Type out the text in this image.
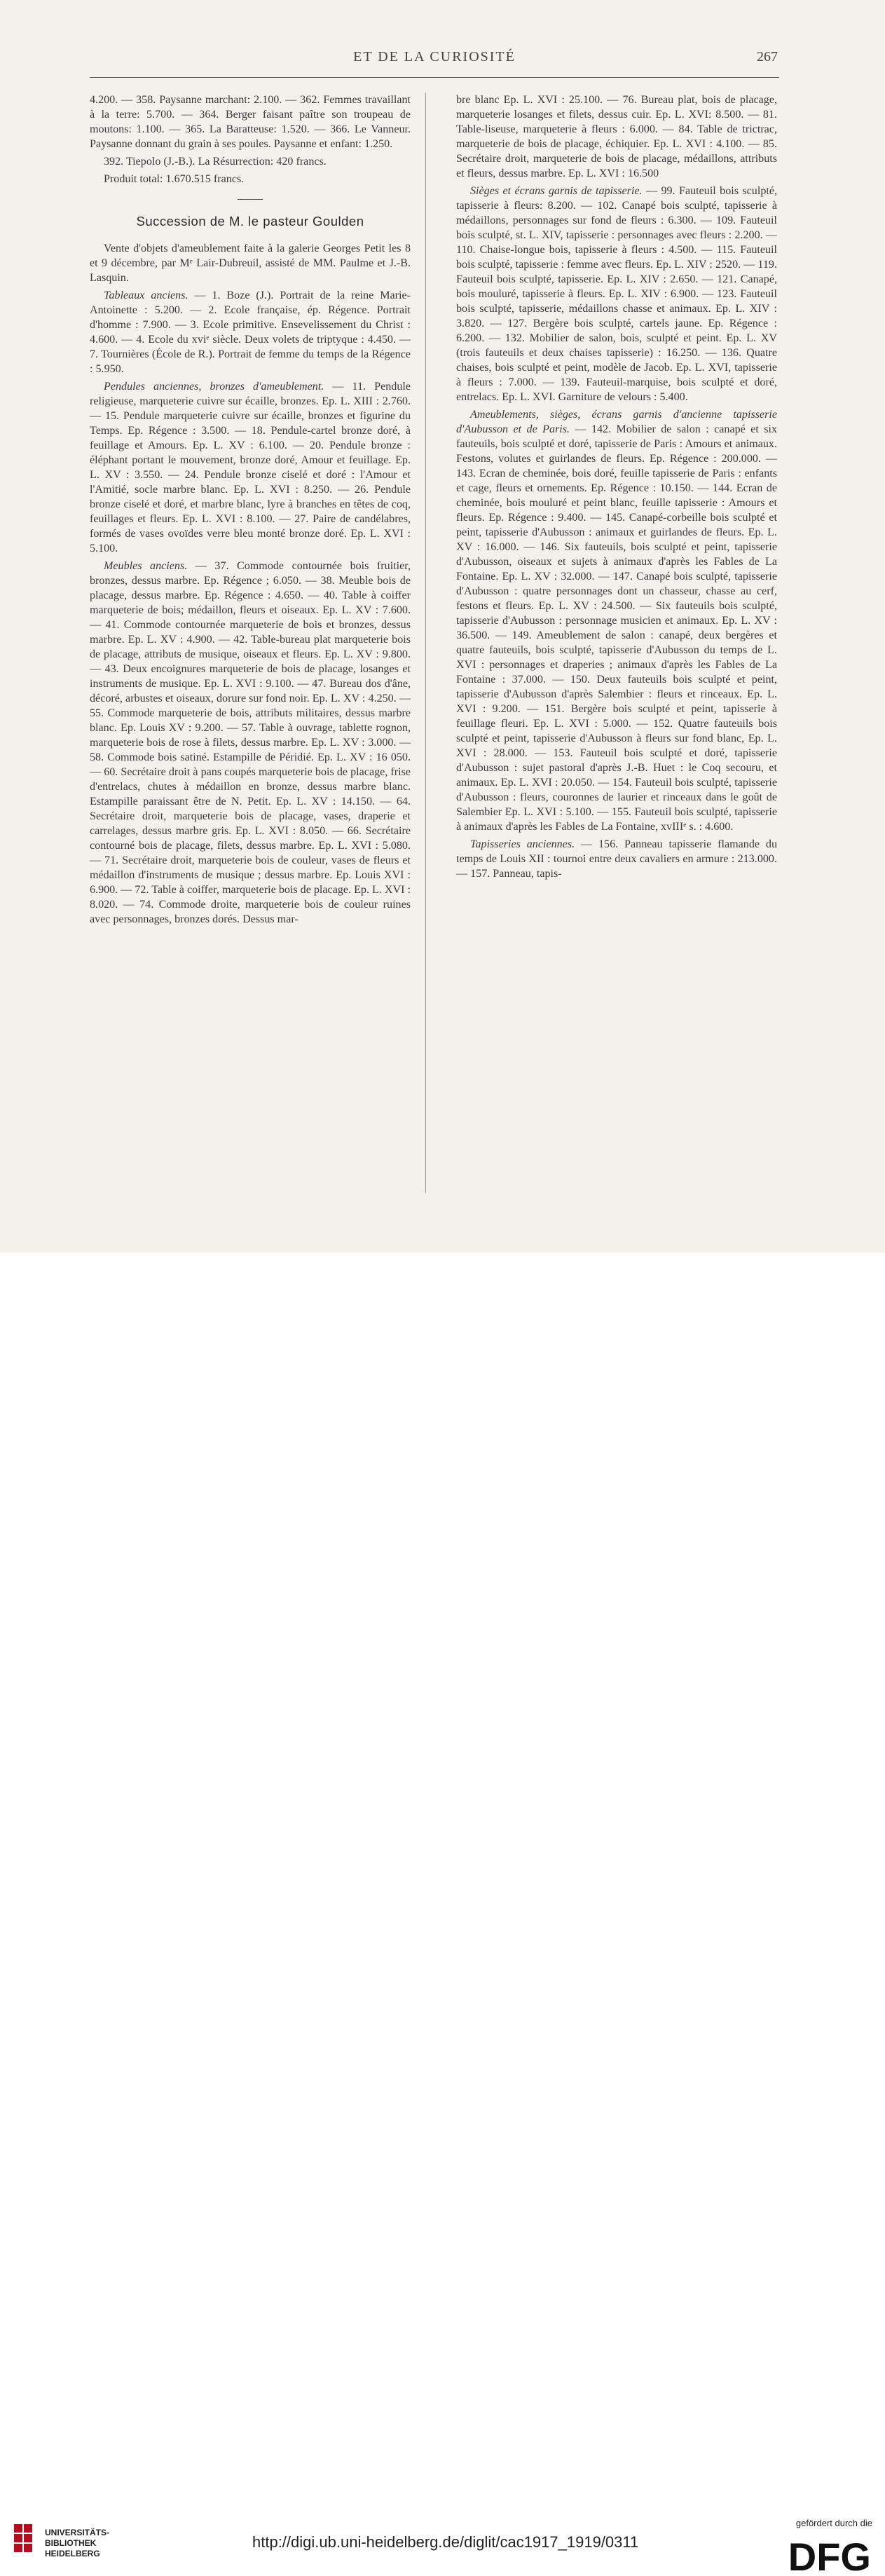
ET DE LA CURIOSITÉ	267

4.200. — 358. Paysanne marchant: 2.100. — 362. Femmes travaillant à la terre: 5.700. — 364. Berger faisant paître son troupeau de moutons: 1.100. — 365. La Baratteuse: 1.520. — 366. Le Vanneur. Paysanne donnant du grain à ses poules. Paysanne et enfant: 1.250.

392. Tiepolo (J.-B.). La Résurrection: 420 francs.

Produit total: 1.670.515 francs.

Succession de M. le pasteur Goulden

Vente d'objets d'ameublement faite à la galerie Georges Petit les 8 et 9 décembre, par Mᵉ Lair-Dubreuil, assisté de MM. Paulme et J.-B. Lasquin.

Tableaux anciens. — 1. Boze (J.). Portrait de la reine Marie-Antoinette : 5.200. — 2. Ecole française, ép. Régence. Portrait d'homme : 7.900. — 3. Ecole primitive. Ensevelissement du Christ : 4.600. — 4. Ecole du xviᵉ siècle. Deux volets de triptyque : 4.450. — 7. Tournières (École de R.). Portrait de femme du temps de la Régence : 5.950.

Pendules anciennes, bronzes d'ameublement. — 11. Pendule religieuse, marqueterie cuivre sur écaille, bronzes. Ep. L. XIII : 2.760. — 15. Pendule marqueterie cuivre sur écaille, bronzes et figurine du Temps. Ep. Régence : 3.500. — 18. Pendule-cartel bronze doré, à feuillage et Amours. Ep. L. XV : 6.100. — 20. Pendule bronze : éléphant portant le mouvement, bronze doré, Amour et feuillage. Ep. L. XV : 3.550. — 24. Pendule bronze ciselé et doré : l'Amour et l'Amitié, socle marbre blanc. Ep. L. XVI : 8.250. — 26. Pendule bronze ciselé et doré, et marbre blanc, lyre à branches en têtes de coq, feuillages et fleurs. Ep. L. XVI : 8.100. — 27. Paire de candélabres, formés de vases ovoïdes verre bleu monté bronze doré. Ep. L. XVI : 5.100.

Meubles anciens. — 37. Commode contournée bois fruitier, bronzes, dessus marbre. Ep. Régence ; 6.050. — 38. Meuble bois de placage, dessus marbre. Ep. Régence : 4.650. — 40. Table à coiffer marqueterie de bois; médaillon, fleurs et oiseaux. Ep. L. XV : 7.600. — 41. Commode contournée marqueterie de bois et bronzes, dessus marbre. Ep. L. XV : 4.900. — 42. Table-bureau plat marqueterie bois de placage, attributs de musique, oiseaux et fleurs. Ep. L. XV : 9.800. — 43. Deux encoignures marqueterie de bois de placage, losanges et instruments de musique. Ep. L. XVI : 9.100. — 47. Bureau dos d'âne, décoré, arbustes et oiseaux, dorure sur fond noir. Ep. L. XV : 4.250. — 55. Commode marqueterie de bois, attributs militaires, dessus marbre blanc. Ep. Louis XV : 9.200. — 57. Table à ouvrage, tablette rognon, marqueterie bois de rose à filets, dessus marbre. Ep. L. XV : 3.000. — 58. Commode bois satiné. Estampille de Péridié. Ep. L. XV : 16 050. — 60. Secrétaire droit à pans coupés marqueterie bois de placage, frise d'entrelacs, chutes à médaillon en bronze, dessus marbre blanc. Estampille paraissant être de N. Petit. Ep. L. XV : 14.150. — 64. Secrétaire droit, marqueterie bois de placage, vases, draperie et carrelages, dessus marbre gris. Ep. L. XVI : 8.050. — 66. Secrétaire contourné bois de placage, filets, dessus marbre. Ep. L. XVI : 5.080. — 71. Secrétaire droit, marqueterie bois de couleur, vases de fleurs et médaillon d'instruments de musique ; dessus marbre. Ep. Louis XVI : 6.900. — 72. Table à coiffer, marqueterie bois de placage. Ep. L. XVI : 8.020. — 74. Commode droite, marqueterie bois de couleur ruines avec personnages, bronzes dorés. Dessus mar-

bre blanc Ep. L. XVI : 25.100. — 76. Bureau plat, bois de placage, marqueterie losanges et filets, dessus cuir. Ep. L. XVI: 8.500. — 81. Table-liseuse, marqueterie à fleurs : 6.000. — 84. Table de trictrac, marqueterie de bois de placage, échiquier. Ep. L. XVI : 4.100. — 85. Secrétaire droit, marqueterie de bois de placage, médaillons, attributs et fleurs, dessus marbre. Ep. L. XVI : 16.500

Sièges et écrans garnis de tapisserie. — 99. Fauteuil bois sculpté, tapisserie à fleurs: 8.200. — 102. Canapé bois sculpté, tapisserie à médaillons, personnages sur fond de fleurs : 6.300. — 109. Fauteuil bois sculpté, st. L. XIV, tapisserie : personnages avec fleurs : 2.200. — 110. Chaise-longue bois, tapisserie à fleurs : 4.500. — 115. Fauteuil bois sculpté, tapisserie : femme avec fleurs. Ep. L. XIV : 2520. — 119. Fauteuil bois sculpté, tapisserie. Ep. L. XIV : 2.650. — 121. Canapé, bois mouluré, tapisserie à fleurs. Ep. L. XIV : 6.900. — 123. Fauteuil bois sculpté, tapisserie, médaillons chasse et animaux. Ep. L. XIV : 3.820. — 127. Bergère bois sculpté, cartels jaune. Ep. Régence : 6.200. — 132. Mobilier de salon, bois, sculpté et peint. Ep. L. XV (trois fauteuils et deux chaises tapisserie) : 16.250. — 136. Quatre chaises, bois sculpté et peint, modèle de Jacob. Ep. L. XVI, tapisserie à fleurs : 7.000. — 139. Fauteuil-marquise, bois sculpté et doré, entrelacs. Ep. L. XVI. Garniture de velours : 5.400.

Ameublements, sièges, écrans garnis d'ancienne tapisserie d'Aubusson et de Paris. — 142. Mobilier de salon : canapé et six fauteuils, bois sculpté et doré, tapisserie de Paris : Amours et animaux. Festons, volutes et guirlandes de fleurs. Ep. Régence : 200.000. — 143. Ecran de cheminée, bois doré, feuille tapisserie de Paris : enfants et cage, fleurs et ornements. Ep. Régence : 10.150. — 144. Ecran de cheminée, bois mouluré et peint blanc, feuille tapisserie : Amours et fleurs. Ep. Régence : 9.400. — 145. Canapé-corbeille bois sculpté et peint, tapisserie d'Aubusson : animaux et guirlandes de fleurs. Ep. L. XV : 16.000. — 146. Six fauteuils, bois sculpté et peint, tapisserie d'Aubusson, oiseaux et sujets à animaux d'après les Fables de La Fontaine. Ep. L. XV : 32.000. — 147. Canapé bois sculpté, tapisserie d'Aubusson : quatre personnages dont un chasseur, chasse au cerf, festons et fleurs. Ep. L. XV : 24.500. — Six fauteuils bois sculpté, tapisserie d'Aubusson : personnage musicien et animaux. Ep. L. XV : 36.500. — 149. Ameublement de salon : canapé, deux bergères et quatre fauteuils, bois sculpté, tapisserie d'Aubusson du temps de L. XVI : personnages et draperies ; animaux d'après les Fables de La Fontaine : 37.000. — 150. Deux fauteuils bois sculpté et peint, tapisserie d'Aubusson d'après Salembier : fleurs et rinceaux. Ep. L. XVI : 9.200. — 151. Bergère bois sculpté et peint, tapisserie à feuillage fleuri. Ep. L. XVI : 5.000. — 152. Quatre fauteuils bois sculpté et peint, tapisserie d'Aubusson à fleurs sur fond blanc, Ep. L. XVI : 28.000. — 153. Fauteuil bois sculpté et doré, tapisserie d'Aubusson : sujet pastoral d'après J.-B. Huet : le Coq secouru, et animaux. Ep. L. XVI : 20.050. — 154. Fauteuil bois sculpté, tapisserie d'Aubusson : fleurs, couronnes de laurier et rinceaux dans le goût de Salembier Ep. L. XVI : 5.100. — 155. Fauteuil bois sculpté, tapisserie à animaux d'après les Fables de La Fontaine, xvIIIᵉ s. : 4.600.

Tapisseries anciennes. — 156. Panneau tapisserie flamande du temps de Louis XII : tournoi entre deux cavaliers en armure : 213.000. — 157. Panneau, tapis-

UNIVERSITÄTS-
BIBLIOTHEK
HEIDELBERG
http://digi.ub.uni-heidelberg.de/diglit/cac1917_1919/0311
gefördert durch die
DFG
